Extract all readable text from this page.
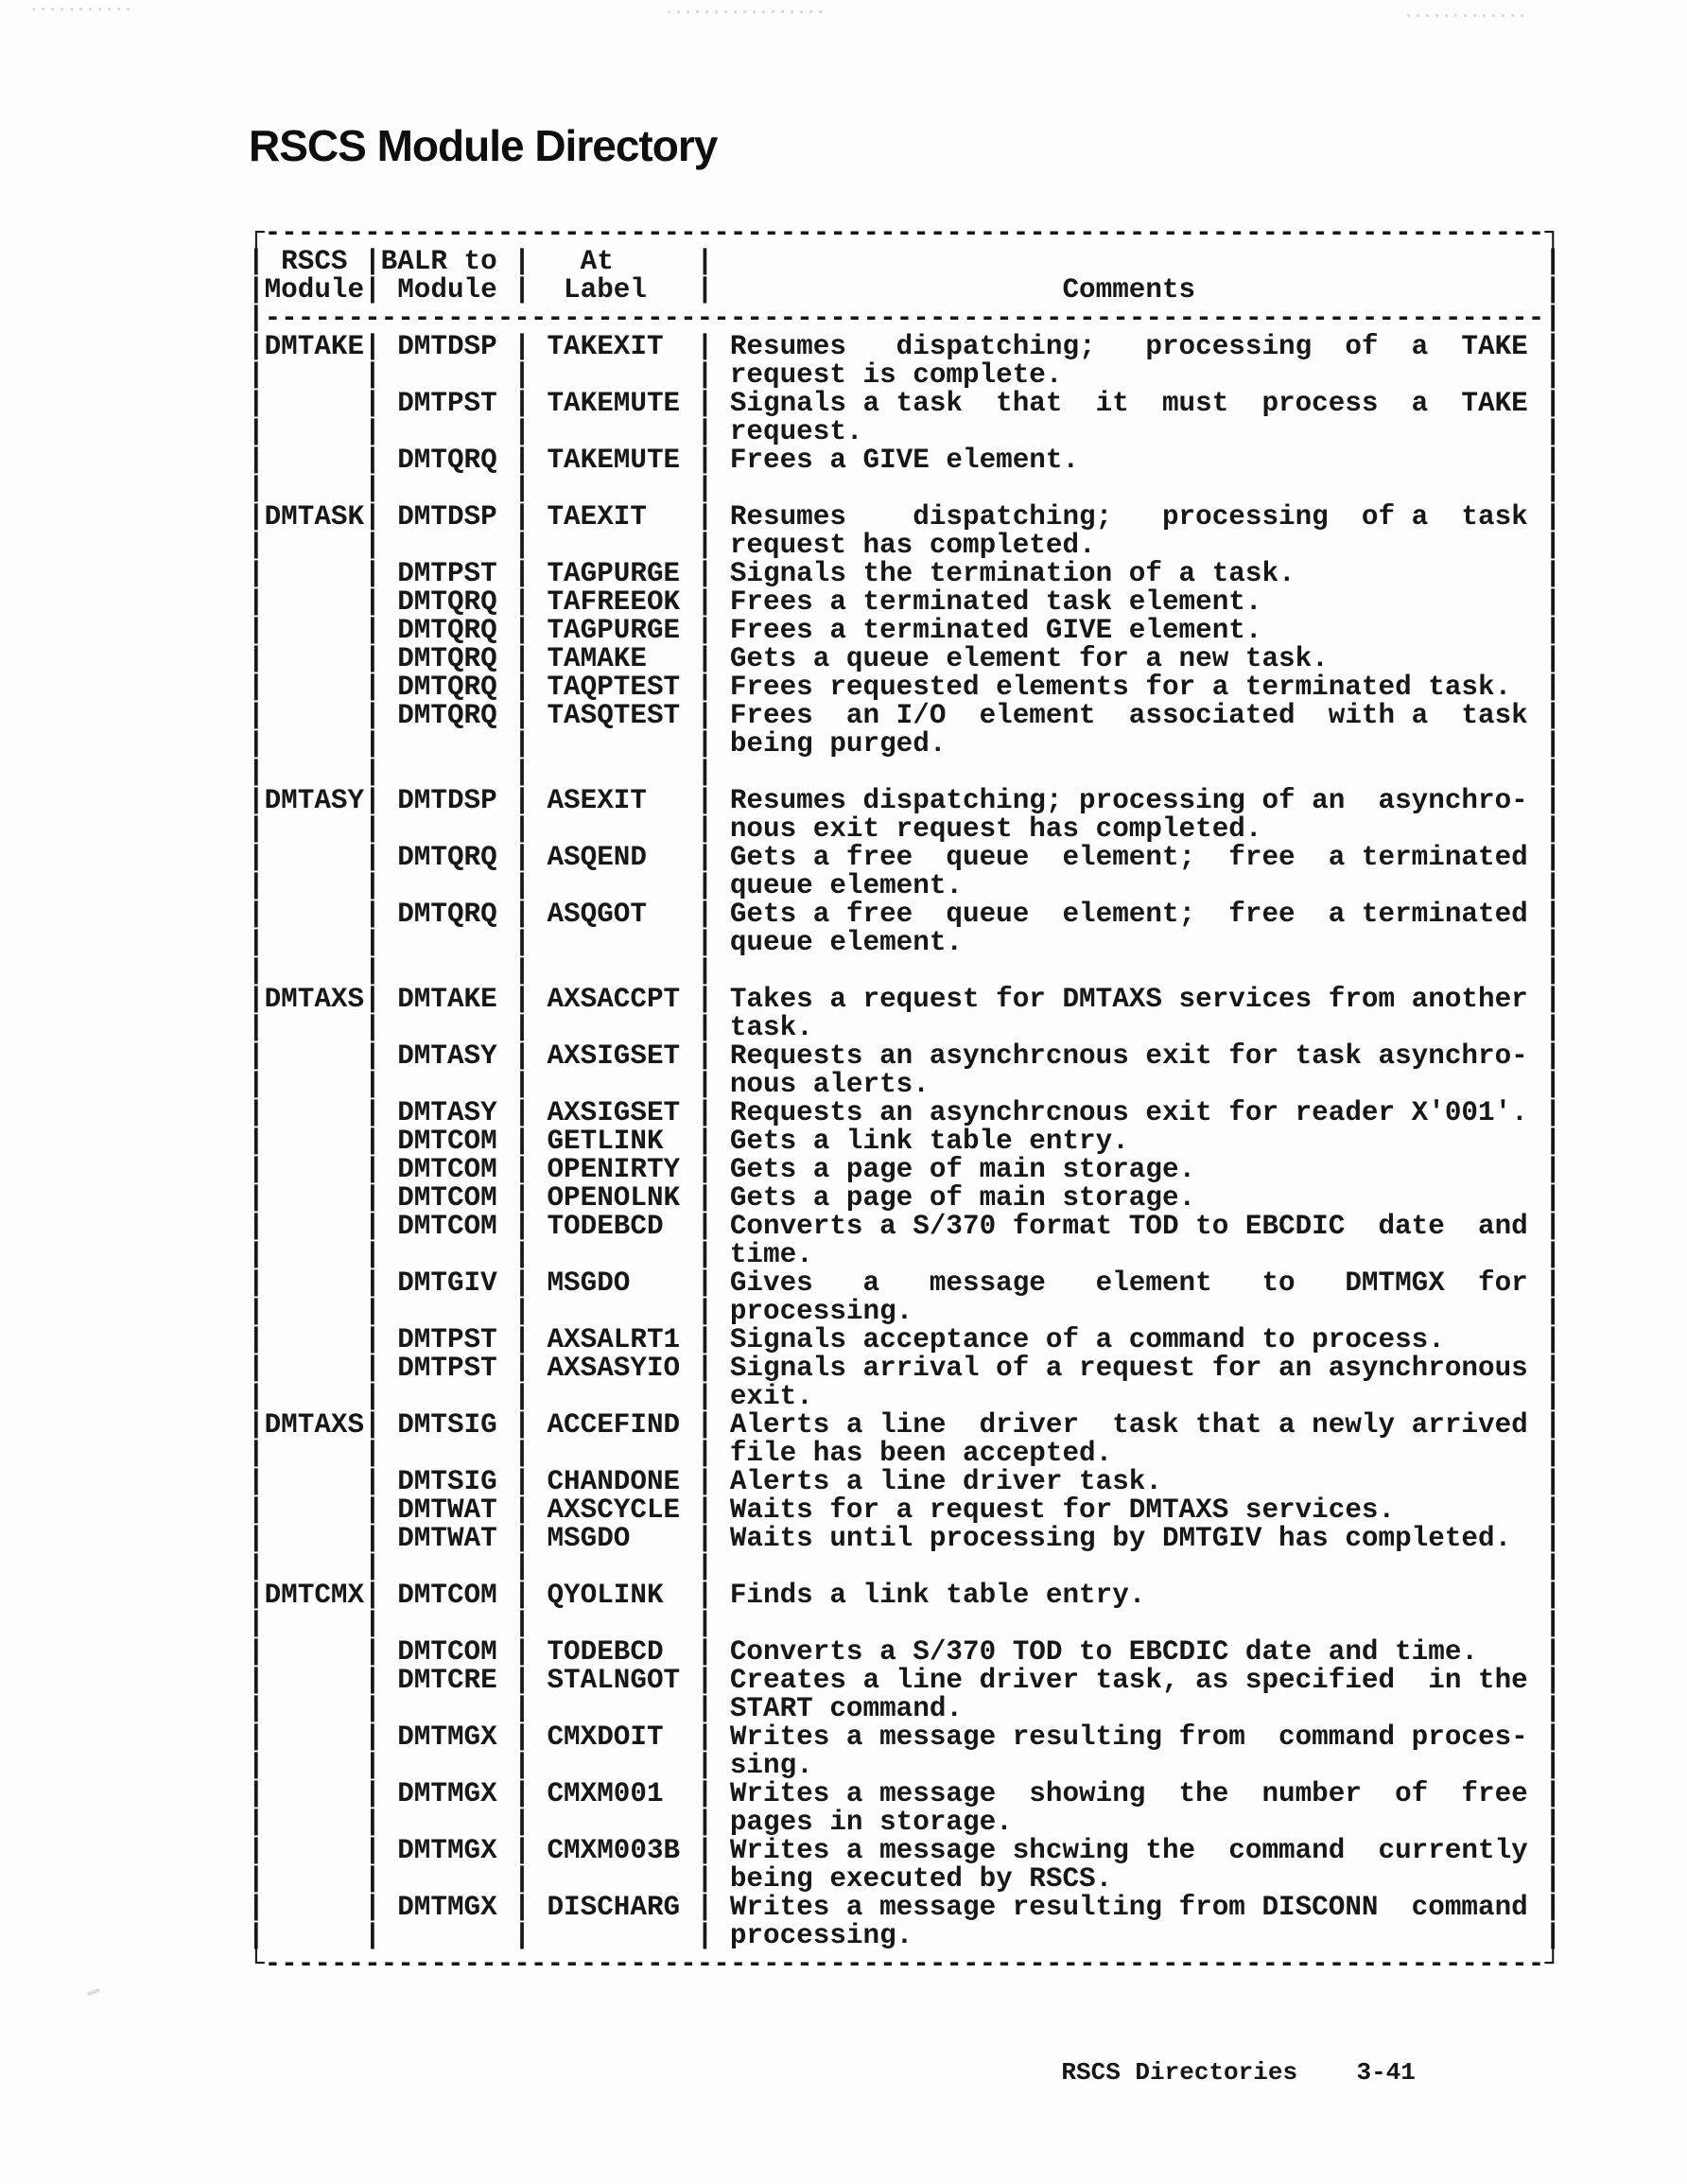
RSCS Module Directory
┌-----------------------------------------------------------------------------┐
| RSCS |BALR to |   At     |                                                  |
|Module| Module |  Label   |                     Comments                     |
|-----------------------------------------------------------------------------|
|DMTAKE| DMTDSP | TAKEXIT  | Resumes   dispatching;   processing  of  a  TAKE |
|      |        |          | request is complete.                             |
|      | DMTPST | TAKEMUTE | Signals a task  that  it  must  process  a  TAKE |
|      |        |          | request.                                         |
|      | DMTQRQ | TAKEMUTE | Frees a GIVE element.                            |
|      |        |          |                                                  |
|DMTASK| DMTDSP | TAEXIT   | Resumes    dispatching;   processing  of a  task |
|      |        |          | request has completed.                           |
|      | DMTPST | TAGPURGE | Signals the termination of a task.               |
|      | DMTQRQ | TAFREEOK | Frees a terminated task element.                 |
|      | DMTQRQ | TAGPURGE | Frees a terminated GIVE element.                 |
|      | DMTQRQ | TAMAKE   | Gets a queue element for a new task.             |
|      | DMTQRQ | TAQPTEST | Frees requested elements for a terminated task.  |
|      | DMTQRQ | TASQTEST | Frees  an I/O  element  associated  with a  task |
|      |        |          | being purged.                                    |
|      |        |          |                                                  |
|DMTASY| DMTDSP | ASEXIT   | Resumes dispatching; processing of an  asynchro- |
|      |        |          | nous exit request has completed.                 |
|      | DMTQRQ | ASQEND   | Gets a free  queue  element;  free  a terminated |
|      |        |          | queue element.                                   |
|      | DMTQRQ | ASQGOT   | Gets a free  queue  element;  free  a terminated |
|      |        |          | queue element.                                   |
|      |        |          |                                                  |
|DMTAXS| DMTAKE | AXSACCPT | Takes a request for DMTAXS services from another |
|      |        |          | task.                                            |
|      | DMTASY | AXSIGSET | Requests an asynchrcnous exit for task asynchro- |
|      |        |          | nous alerts.                                     |
|      | DMTASY | AXSIGSET | Requests an asynchrcnous exit for reader X'001'. |
|      | DMTCOM | GETLINK  | Gets a link table entry.                         |
|      | DMTCOM | OPENIRTY | Gets a page of main storage.                     |
|      | DMTCOM | OPENOLNK | Gets a page of main storage.                     |
|      | DMTCOM | TODEBCD  | Converts a S/370 format TOD to EBCDIC  date  and |
|      |        |          | time.                                            |
|      | DMTGIV | MSGDO    | Gives   a   message   element   to   DMTMGX  for |
|      |        |          | processing.                                      |
|      | DMTPST | AXSALRT1 | Signals acceptance of a command to process.      |
|      | DMTPST | AXSASYIO | Signals arrival of a request for an asynchronous |
|      |        |          | exit.                                            |
|DMTAXS| DMTSIG | ACCEFIND | Alerts a line  driver  task that a newly arrived |
|      |        |          | file has been accepted.                          |
|      | DMTSIG | CHANDONE | Alerts a line driver task.                       |
|      | DMTWAT | AXSCYCLE | Waits for a request for DMTAXS services.         |
|      | DMTWAT | MSGDO    | Waits until processing by DMTGIV has completed.  |
|      |        |          |                                                  |
|DMTCMX| DMTCOM | QYOLINK  | Finds a link table entry.                        |
|      |        |          |                                                  |
|      | DMTCOM | TODEBCD  | Converts a S/370 TOD to EBCDIC date and time.    |
|      | DMTCRE | STALNGOT | Creates a line driver task, as specified  in the |
|      |        |          | START command.                                   |
|      | DMTMGX | CMXDOIT  | Writes a message resulting from  command proces- |
|      |        |          | sing.                                            |
|      | DMTMGX | CMXM001  | Writes a message  showing  the  number  of  free |
|      |        |          | pages in storage.                                |
|      | DMTMGX | CMXM003B | Writes a message shcwing the  command  currently |
|      |        |          | being executed by RSCS.                          |
|      | DMTMGX | DISCHARG | Writes a message resulting from DISCONN  command |
|      |        |          | processing.                                      |
└-----------------------------------------------------------------------------┘

RSCS Directories 3-41
